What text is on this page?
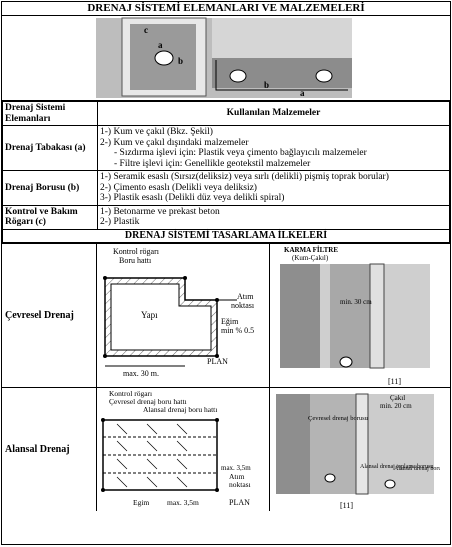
DRENAJ SİSTEMİ ELEMANLARI VE MALZEMELERİ
c
a
b
b
a
Drenaj Sistemi Elemanları	Kullanılan Malzemeler
Drenaj Tabakası (a)	1-) Kum ve çakıl (Bkz. Şekil)
2-) Kum ve çakıl dışındaki malzemeler
- Sızdırma işlevi için: Plastik veya çimento bağlayıcılı malzemeler
- Filtre işlevi için: Genellikle geotekstil malzemeler

Drenaj Borusu (b)	1-) Seramik esaslı (Sırsız(deliksiz) veya sırlı (delikli) pişmiş toprak borular)
2-) Çimento esaslı (Delikli veya deliksiz)
3-) Plastik esaslı (Delikli düz veya delikli spiral)

Kontrol ve Bakım Rögarı (c)	1-) Betonarme ve prekast beton
2-) Plastik

DRENAJ SİSTEMİ TASARLAMA İLKELERİ	
Çevresel Drenaj
Kontrol rögarı
Boru hattı
Yapı
Atım
noktası
Eğim
min % 0.5
max. 30 m.
PLAN
KARMA FİLTRE
(Kum-Çakıl)
min. 30 cm
[11]
Alansal Drenaj
Kontrol rögarı
Çevresel drenaj boru hattı
Alansal drenaj boru hattı
max. 3,5m
Atım
noktası
Egim max. 3,5m	PLAN
Çakıl
min. 20 cm
Çevresel drenaj borusu
Alansal drenaj toplama borusu
Alansal drenaj bor
[11]
